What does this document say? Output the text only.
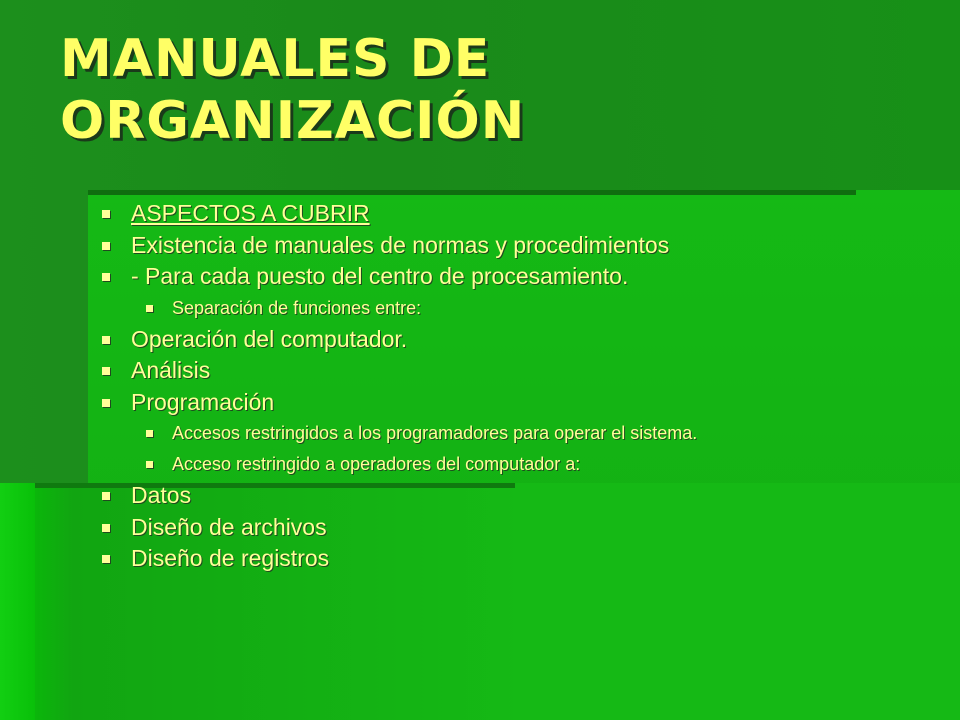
MANUALES DE
ORGANIZACIÓN
ASPECTOS A CUBRIR
Existencia de manuales de normas y procedimientos
- Para cada puesto del centro de procesamiento.
Separación de funciones entre:
Operación del computador.
Análisis
Programación
Accesos restringidos a los programadores para operar el sistema.
Acceso restringido a operadores del computador a:
Datos
Diseño de archivos
Diseño de registros
